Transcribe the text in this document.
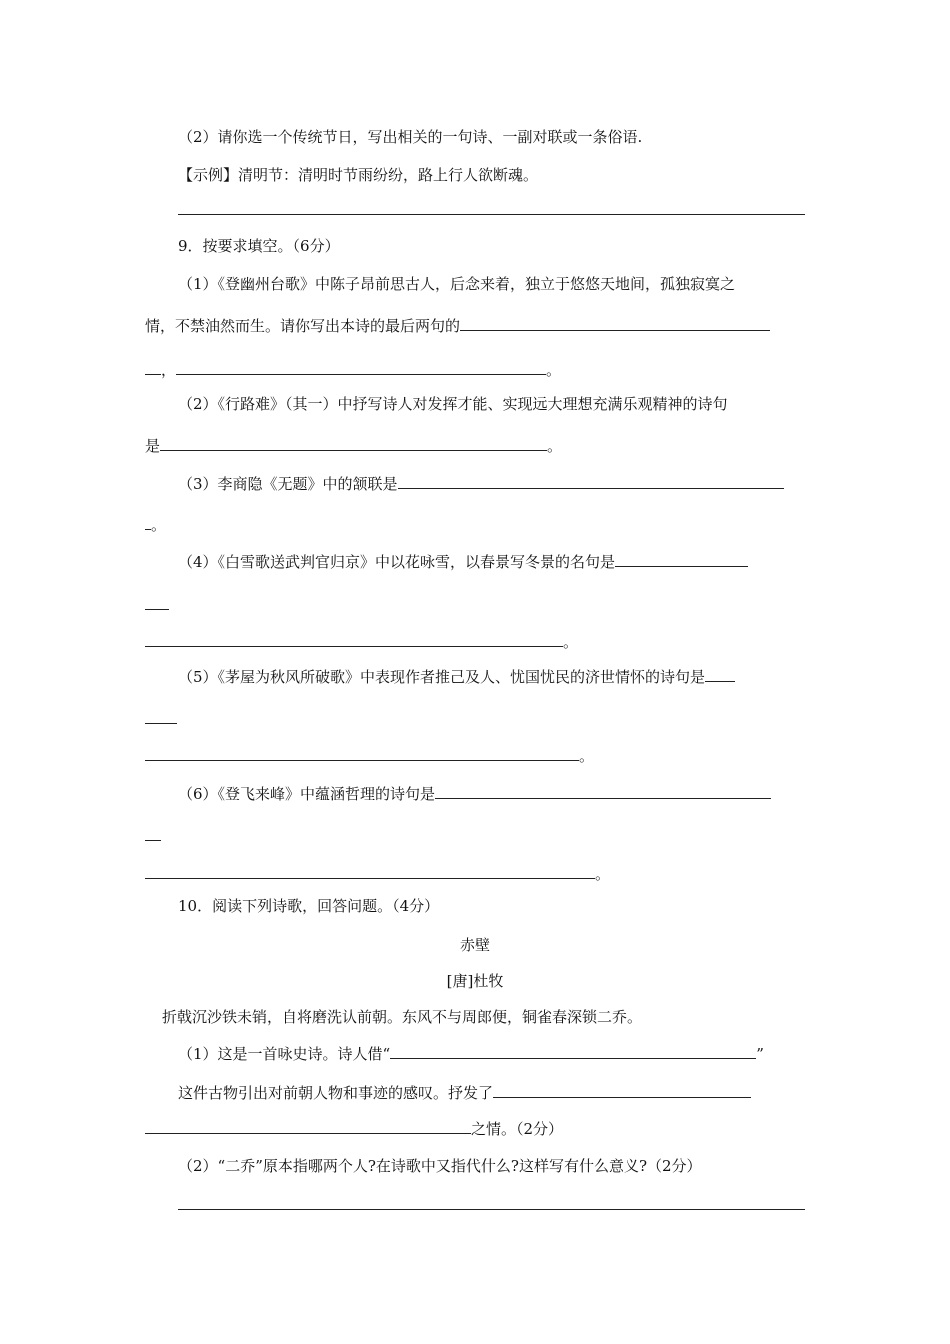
（2）请你选一个传统节日，写出相关的一句诗、一副对联或一条俗语.
【示例】清明节：清明时节雨纷纷，路上行人欲断魂。
9．按要求填空。（6分）
（1）《登幽州台歌》中陈子昂前思古人，后念来着，独立于悠悠天地间，孤独寂寞之
情，不禁油然而生。请你写出本诗的最后两句的
，	。
（2）《行路难》（其一）中抒写诗人对发挥才能、实现远大理想充满乐观精神的诗句
是	。
（3）李商隐《无题》中的颔联是
。
（4）《白雪歌送武判官归京》中以花咏雪，以春景写冬景的名句是
。
（5）《茅屋为秋风所破歌》中表现作者推己及人、忧国忧民的济世情怀的诗句是
。
（6）《登飞来峰》中蕴涵哲理的诗句是
。
10．阅读下列诗歌，回答问题。（4分）
赤壁
[唐]杜牧
折戟沉沙铁未销，自将磨洗认前朝。东风不与周郎便，铜雀春深锁二乔。
（1）这是一首咏史诗。诗人借“	”
这件古物引出对前朝人物和事迹的感叹。抒发了
之情。（2分）
（2）“二乔”原本指哪两个人?在诗歌中又指代什么?这样写有什么意义?（2分）
